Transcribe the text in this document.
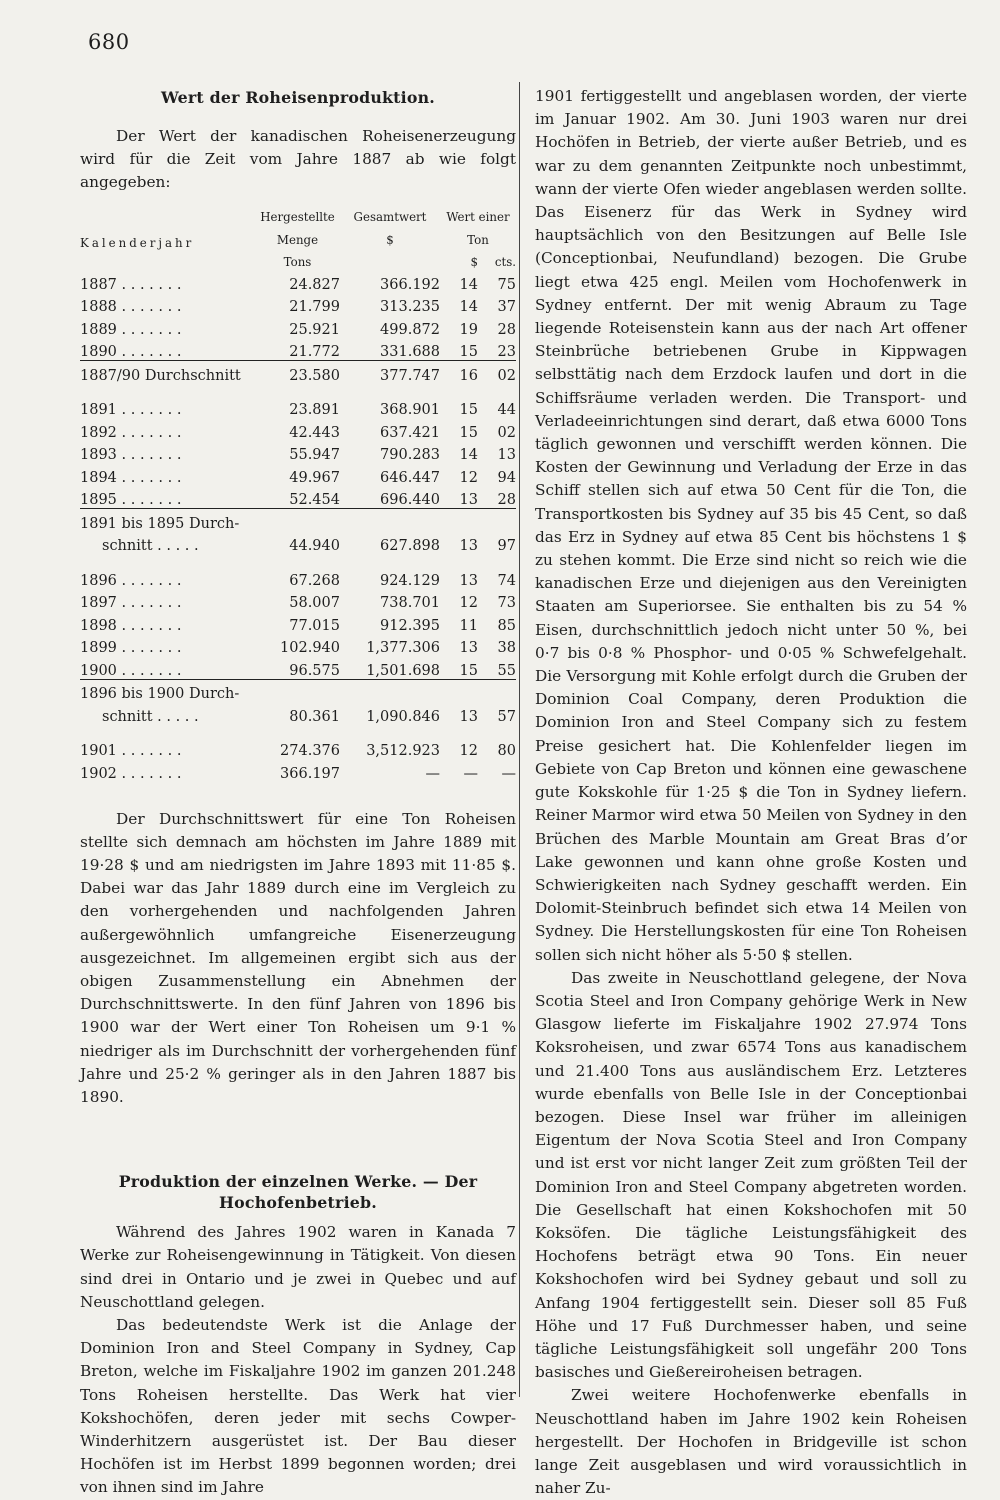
680
Wert der Roheisenproduktion.

Der Wert der kanadischen Roheisenerzeugung wird für die Zeit vom Jahre 1887 ab wie folgt angegeben:

Kalenderjahr	Hergestellte	Gesamtwert	Wert einer	
	Menge	$	Ton	
	Tons		$	cts.
1887 . . . . . . .	24.827	366.192	14	75
1888 . . . . . . .	21.799	313.235	14	37
1889 . . . . . . .	25.921	499.872	19	28
1890 . . . . . . .	21.772	331.688	15	23
1887/90 Durchschnitt	23.580	377.747	16	02

1891 . . . . . . .	23.891	368.901	15	44
1892 . . . . . . .	42.443	637.421	15	02
1893 . . . . . . .	55.947	790.283	14	13
1894 . . . . . . .	49.967	646.447	12	94
1895 . . . . . . .	52.454	696.440	13	28
1891 bis 1895 Durch-				
schnitt . . . . .	44.940	627.898	13	97

1896 . . . . . . .	67.268	924.129	13	74
1897 . . . . . . .	58.007	738.701	12	73
1898 . . . . . . .	77.015	912.395	11	85
1899 . . . . . . .	102.940	1,377.306	13	38
1900 . . . . . . .	96.575	1,501.698	15	55
1896 bis 1900 Durch-				
schnitt . . . . .	80.361	1,090.846	13	57

1901 . . . . . . .	274.376	3,512.923	12	80
1902 . . . . . . .	366.197	—	—	—

Der Durchschnittswert für eine Ton Roheisen stellte sich demnach am höchsten im Jahre 1889 mit 19·28 $ und am niedrigsten im Jahre 1893 mit 11·85 $. Dabei war das Jahr 1889 durch eine im Vergleich zu den vorhergehenden und nachfolgenden Jahren außergewöhnlich umfangreiche Eisenerzeugung ausgezeichnet. Im allgemeinen ergibt sich aus der obigen Zusammenstellung ein Abnehmen der Durchschnittswerte. In den fünf Jahren von 1896 bis 1900 war der Wert einer Ton Roheisen um 9·1 % niedriger als im Durchschnitt der vorhergehenden fünf Jahre und 25·2 % geringer als in den Jahren 1887 bis 1890.

Produktion der einzelnen Werke. — Der Hochofenbetrieb.

Während des Jahres 1902 waren in Kanada 7 Werke zur Roheisengewinnung in Tätigkeit. Von diesen sind drei in Ontario und je zwei in Quebec und auf Neuschottland gelegen.

Das bedeutendste Werk ist die Anlage der Dominion Iron and Steel Company in Sydney, Cap Breton, welche im Fiskaljahre 1902 im ganzen 201.248 Tons Roheisen herstellte. Das Werk hat vier Kokshochöfen, deren jeder mit sechs Cowper-Winderhitzern ausgerüstet ist. Der Bau dieser Hochöfen ist im Herbst 1899 begonnen worden; drei von ihnen sind im Jahre

1901 fertiggestellt und angeblasen worden, der vierte im Januar 1902. Am 30. Juni 1903 waren nur drei Hochöfen in Betrieb, der vierte außer Betrieb, und es war zu dem genannten Zeitpunkte noch unbestimmt, wann der vierte Ofen wieder angeblasen werden sollte. Das Eisenerz für das Werk in Sydney wird hauptsächlich von den Besitzungen auf Belle Isle (Conceptionbai, Neufundland) bezogen. Die Grube liegt etwa 425 engl. Meilen vom Hochofenwerk in Sydney entfernt. Der mit wenig Abraum zu Tage liegende Roteisenstein kann aus der nach Art offener Steinbrüche betriebenen Grube in Kippwagen selbsttätig nach dem Erzdock laufen und dort in die Schiffsräume verladen werden. Die Transport- und Verladeeinrichtungen sind derart, daß etwa 6000 Tons täglich gewonnen und verschifft werden können. Die Kosten der Gewinnung und Verladung der Erze in das Schiff stellen sich auf etwa 50 Cent für die Ton, die Transportkosten bis Sydney auf 35 bis 45 Cent, so daß das Erz in Sydney auf etwa 85 Cent bis höchstens 1 $ zu stehen kommt. Die Erze sind nicht so reich wie die kanadischen Erze und diejenigen aus den Vereinigten Staaten am Superiorsee. Sie enthalten bis zu 54 % Eisen, durchschnittlich jedoch nicht unter 50 %, bei 0·7 bis 0·8 % Phosphor- und 0·05 % Schwefelgehalt. Die Versorgung mit Kohle erfolgt durch die Gruben der Dominion Coal Company, deren Produktion die Dominion Iron and Steel Company sich zu festem Preise gesichert hat. Die Kohlenfelder liegen im Gebiete von Cap Breton und können eine gewaschene gute Kokskohle für 1·25 $ die Ton in Sydney liefern. Reiner Marmor wird etwa 50 Meilen von Sydney in den Brüchen des Marble Mountain am Great Bras d’or Lake gewonnen und kann ohne große Kosten und Schwierigkeiten nach Sydney geschafft werden. Ein Dolomit-Steinbruch befindet sich etwa 14 Meilen von Sydney. Die Herstellungskosten für eine Ton Roheisen sollen sich nicht höher als 5·50 $ stellen.

Das zweite in Neuschottland gelegene, der Nova Scotia Steel and Iron Company gehörige Werk in New Glasgow lieferte im Fiskaljahre 1902 27.974 Tons Koksroheisen, und zwar 6574 Tons aus kanadischem und 21.400 Tons aus ausländischem Erz. Letzteres wurde ebenfalls von Belle Isle in der Conceptionbai bezogen. Diese Insel war früher im alleinigen Eigentum der Nova Scotia Steel and Iron Company und ist erst vor nicht langer Zeit zum größten Teil der Dominion Iron and Steel Company abgetreten worden. Die Gesellschaft hat einen Kokshochofen mit 50 Koksöfen. Die tägliche Leistungsfähigkeit des Hochofens beträgt etwa 90 Tons. Ein neuer Kokshochofen wird bei Sydney gebaut und soll zu Anfang 1904 fertiggestellt sein. Dieser soll 85 Fuß Höhe und 17 Fuß Durchmesser haben, und seine tägliche Leistungsfähigkeit soll ungefähr 200 Tons basisches und Gießereiroheisen betragen.

Zwei weitere Hochofenwerke ebenfalls in Neuschottland haben im Jahre 1902 kein Roheisen hergestellt. Der Hochofen in Bridgeville ist schon lange Zeit ausgeblasen und wird voraussichtlich in naher Zu-
